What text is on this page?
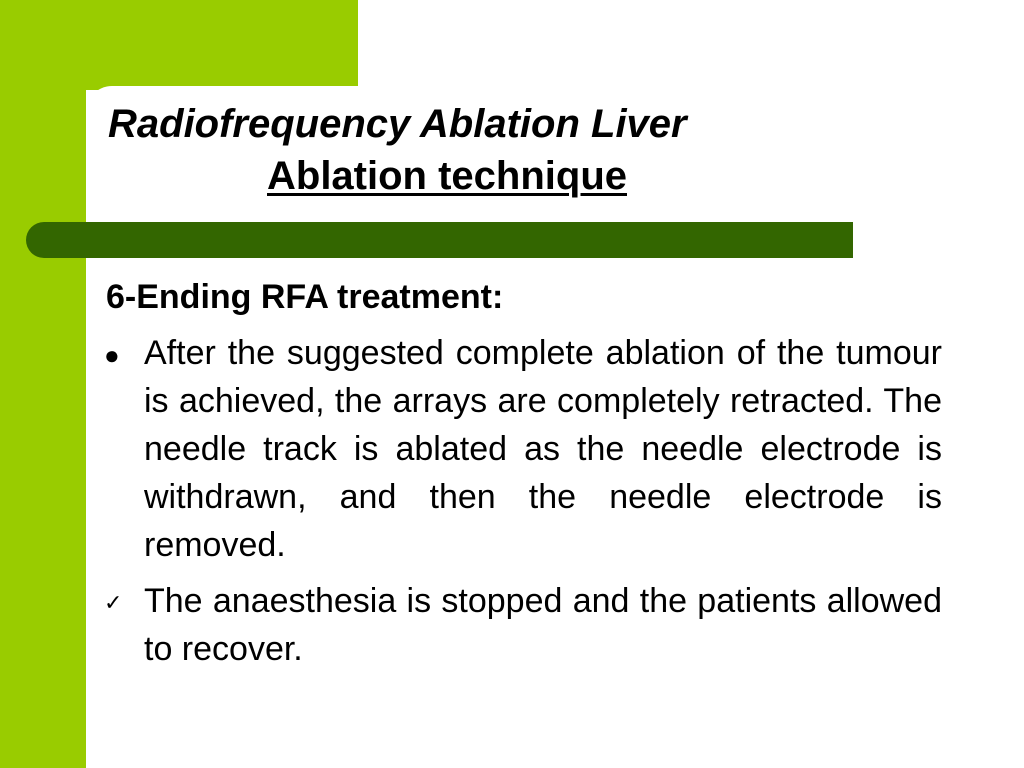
Radiofrequency Ablation Liver
Ablation technique
6-Ending RFA treatment:
● After the suggested complete ablation of the tumour is achieved, the arrays are completely retracted. The needle track is ablated as the needle electrode is withdrawn, and then the needle electrode is removed.
✓ The anaesthesia is stopped and the patients allowed to recover.
